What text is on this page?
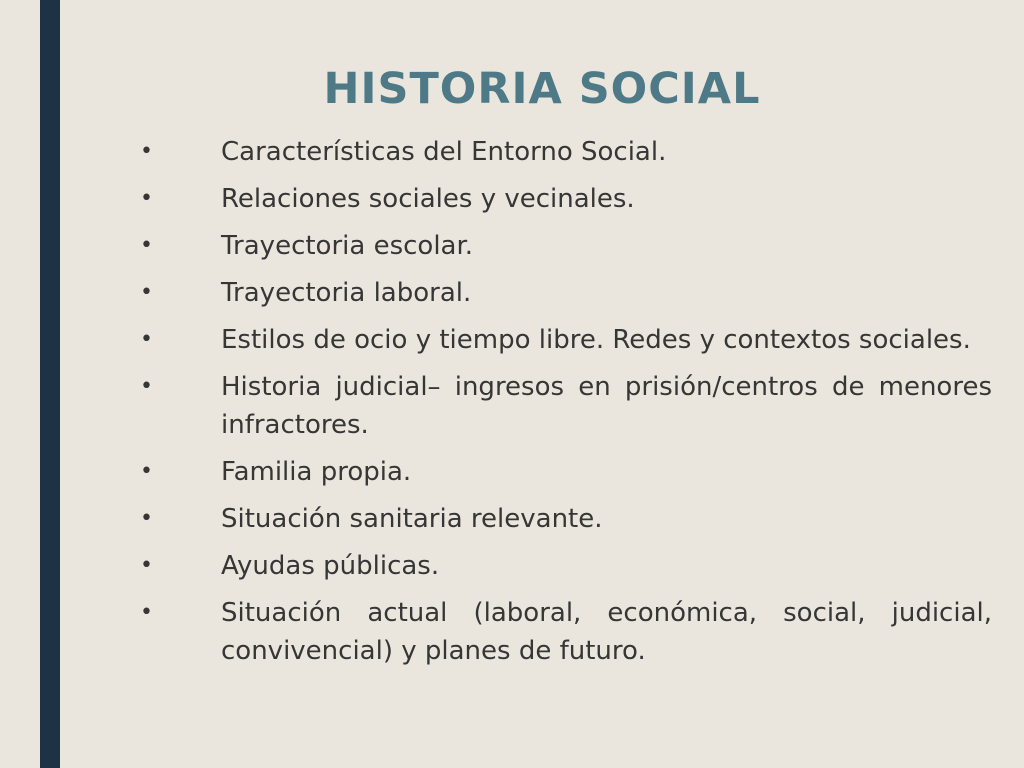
HISTORIA SOCIAL
•	Características del Entorno Social.
•	Relaciones sociales y vecinales.
•	Trayectoria escolar.
•	Trayectoria laboral.
•	Estilos de ocio y tiempo libre. Redes y contextos sociales.
•	Historia judicial– ingresos en prisión/centros de menores infractores.
•	Familia propia.
•	Situación sanitaria relevante.
•	Ayudas públicas.
•	Situación actual (laboral, económica, social, judicial, convivencial) y planes de futuro.
